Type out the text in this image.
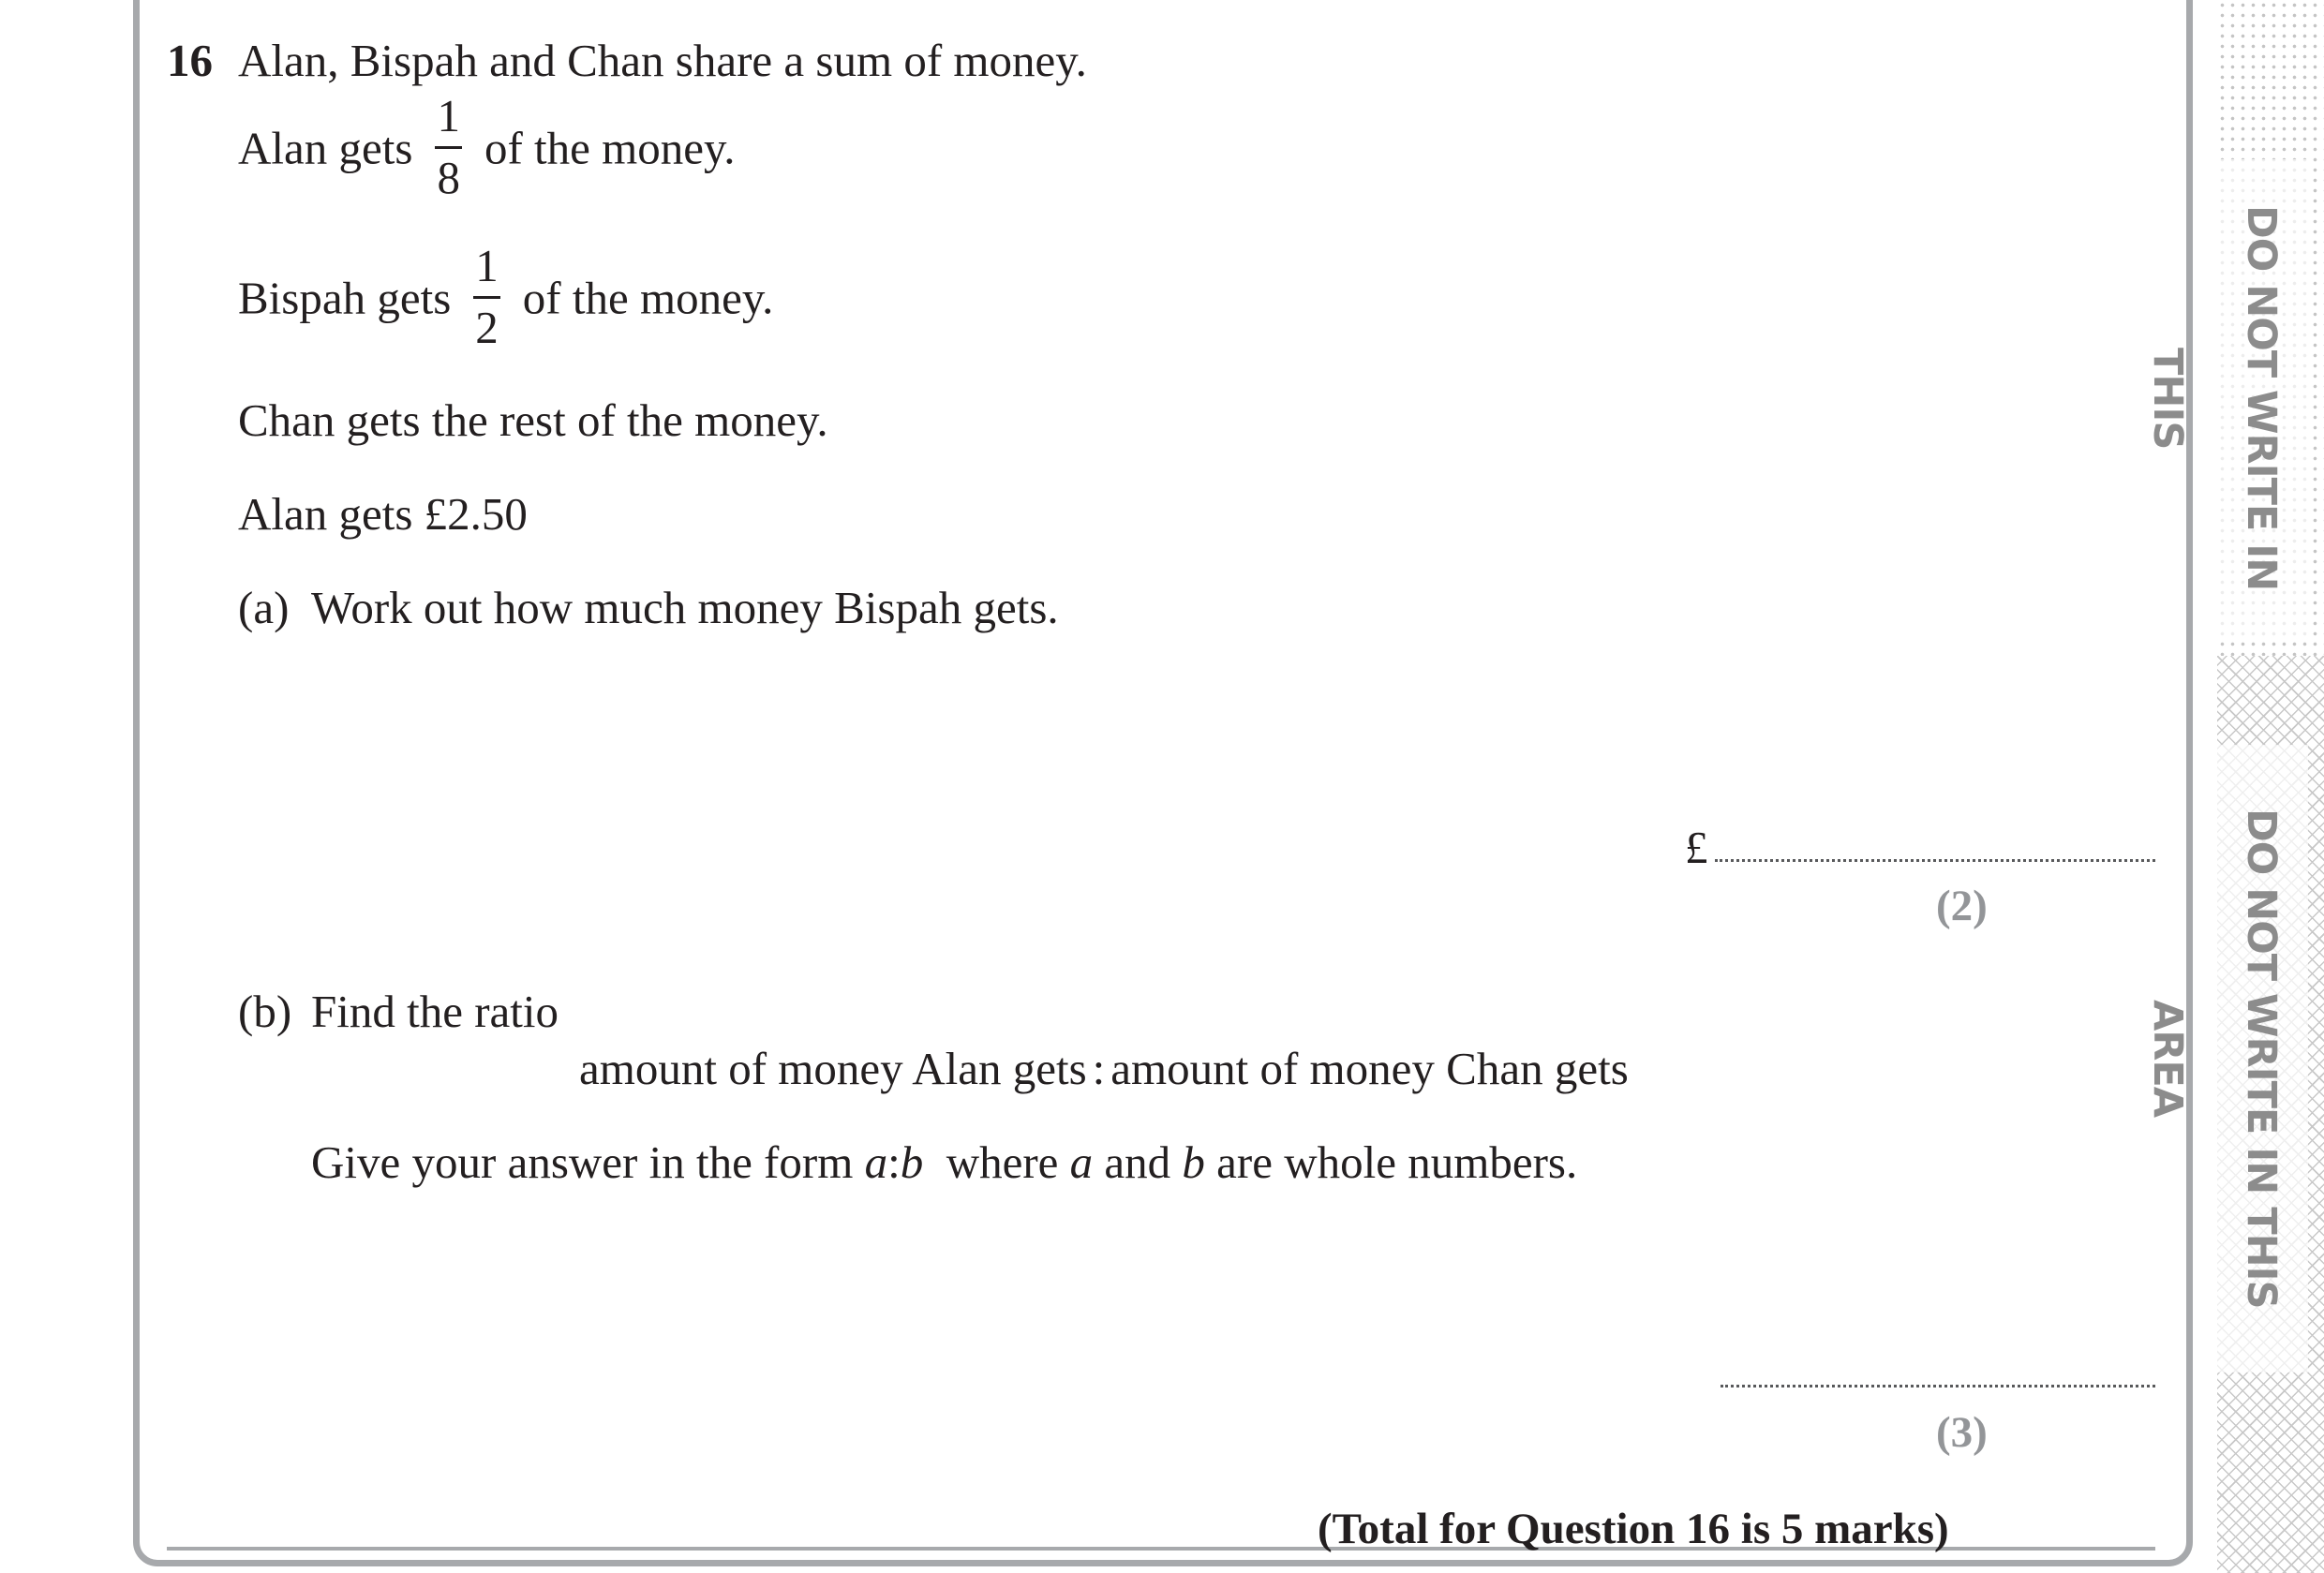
DO NOT WRITE IN THIS
DO NOT WRITE IN THIS AREA
16 Alan, Bispah and Chan share a sum of money.
Alan gets $\frac{1}{8}$ of the money.
Bispah gets $\frac{1}{2}$ of the money.
Chan gets the rest of the money.
Alan gets £2.50
(a) Work out how much money Bispah gets.
£
(2)
(b) Find the ratio
amount of money Alan gets : amount of money Chan gets
Give your answer in the form a:b where a and b are whole numbers.
(3)
(Total for Question 16 is 5 marks)
